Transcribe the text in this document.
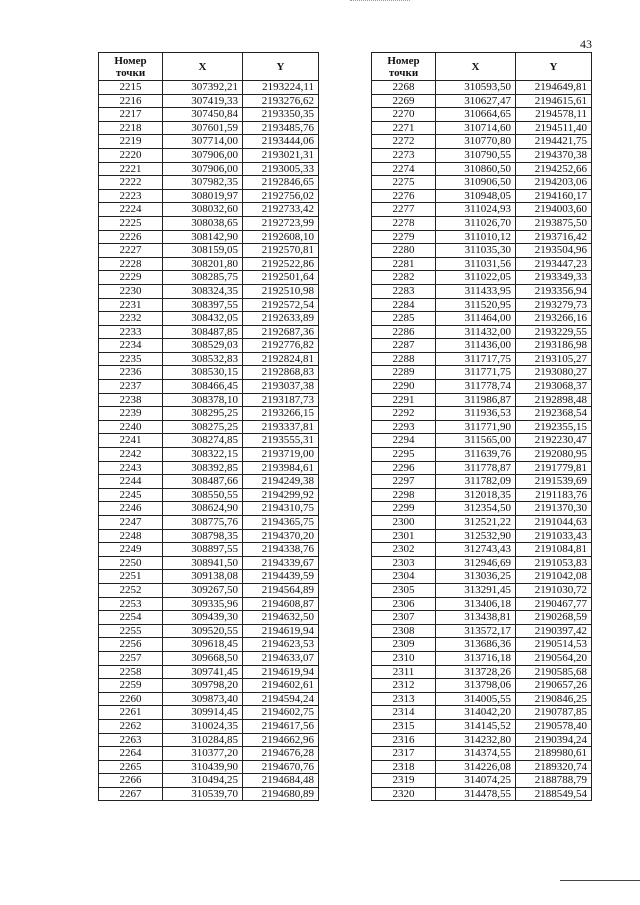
43
Номер точки	X	Y
2215	307392,21	2193224,11
2216	307419,33	2193276,62
2217	307450,84	2193350,35
2218	307601,59	2193485,76
2219	307714,00	2193444,06
2220	307906,00	2193021,31
2221	307906,00	2193005,33
2222	307982,35	2192846,65
2223	308019,97	2192756,02
2224	308032,60	2192733,42
2225	308038,65	2192723,99
2226	308142,90	2192608,10
2227	308159,05	2192570,81
2228	308201,80	2192522,86
2229	308285,75	2192501,64
2230	308324,35	2192510,98
2231	308397,55	2192572,54
2232	308432,05	2192633,89
2233	308487,85	2192687,36
2234	308529,03	2192776,82
2235	308532,83	2192824,81
2236	308530,15	2192868,83
2237	308466,45	2193037,38
2238	308378,10	2193187,73
2239	308295,25	2193266,15
2240	308275,25	2193337,81
2241	308274,85	2193555,31
2242	308322,15	2193719,00
2243	308392,85	2193984,61
2244	308487,66	2194249,38
2245	308550,55	2194299,92
2246	308624,90	2194310,75
2247	308775,76	2194365,75
2248	308798,35	2194370,20
2249	308897,55	2194338,76
2250	308941,50	2194339,67
2251	309138,08	2194439,59
2252	309267,50	2194564,89
2253	309335,96	2194608,87
2254	309439,30	2194632,50
2255	309520,55	2194619,94
2256	309618,45	2194623,53
2257	309668,50	2194633,07
2258	309741,45	2194619,94
2259	309798,20	2194602,61
2260	309873,40	2194594,24
2261	309914,45	2194602,75
2262	310024,35	2194617,56
2263	310284,85	2194662,96
2264	310377,20	2194676,28
2265	310439,90	2194670,76
2266	310494,25	2194684,48
2267	310539,70	2194680,89
Номер точки	X	Y
2268	310593,50	2194649,81
2269	310627,47	2194615,61
2270	310664,65	2194578,11
2271	310714,60	2194511,40
2272	310770,80	2194421,75
2273	310790,55	2194370,38
2274	310860,50	2194252,66
2275	310906,50	2194203,06
2276	310948,05	2194160,17
2277	311024,93	2194003,60
2278	311026,70	2193875,50
2279	311010,12	2193716,42
2280	311035,30	2193504,96
2281	311031,56	2193447,23
2282	311022,05	2193349,33
2283	311433,95	2193356,94
2284	311520,95	2193279,73
2285	311464,00	2193266,16
2286	311432,00	2193229,55
2287	311436,00	2193186,98
2288	311717,75	2193105,27
2289	311771,75	2193080,27
2290	311778,74	2193068,37
2291	311986,87	2192898,48
2292	311936,53	2192368,54
2293	311771,90	2192355,15
2294	311565,00	2192230,47
2295	311639,76	2192080,95
2296	311778,87	2191779,81
2297	311782,09	2191539,69
2298	312018,35	2191183,76
2299	312354,50	2191370,30
2300	312521,22	2191044,63
2301	312532,90	2191033,43
2302	312743,43	2191084,81
2303	312946,69	2191053,83
2304	313036,25	2191042,08
2305	313291,45	2191030,72
2306	313406,18	2190467,77
2307	313438,81	2190268,59
2308	313572,17	2190397,42
2309	313686,36	2190514,53
2310	313716,18	2190564,20
2311	313728,26	2190585,68
2312	313798,06	2190657,26
2313	314005,55	2190846,25
2314	314042,20	2190787,85
2315	314145,52	2190578,40
2316	314232,80	2190394,24
2317	314374,55	2189980,61
2318	314226,08	2189320,74
2319	314074,25	2188788,79
2320	314478,55	2188549,54
